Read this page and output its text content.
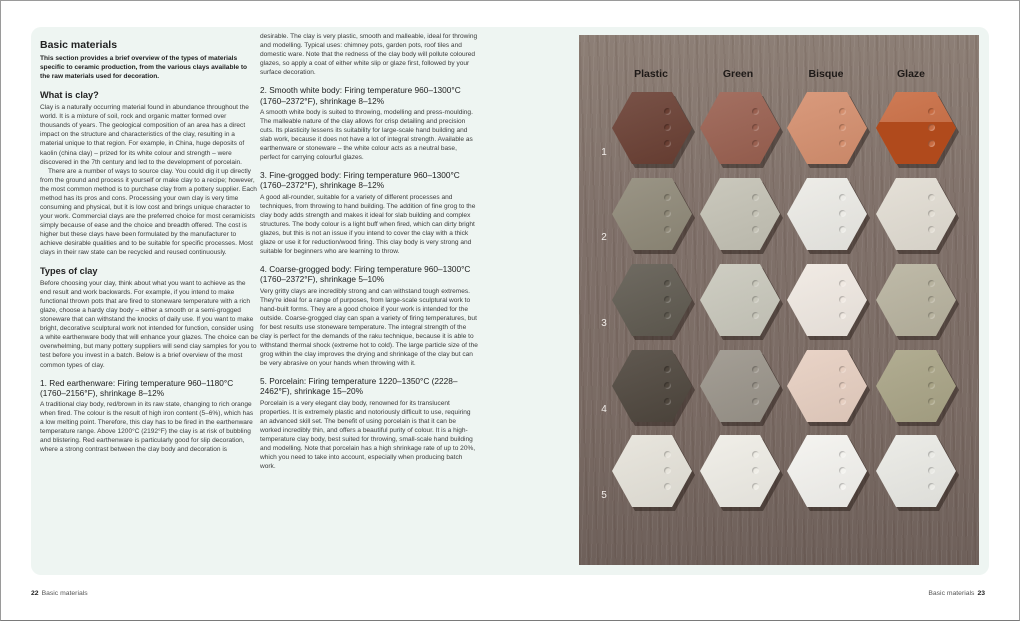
Basic materials

This section provides a brief overview of the types of materials specific to ceramic production, from the various clays available to the raw materials used for decoration.

What is clay?

Clay is a naturally occurring material found in abundance throughout the world. It is a mixture of soil, rock and organic matter formed over thousands of years. The geological composition of an area has a direct impact on the structure and characteristics of the clay, resulting in a material unique to that region. For example, in China, huge deposits of kaolin (china clay) – prized for its white colour and strength – were discovered in the 7th century and led to the development of porcelain.

There are a number of ways to source clay. You could dig it up directly from the ground and process it yourself or make clay to a recipe; however, the most common method is to purchase clay from a pottery supplier. Each method has its pros and cons. Processing your own clay is very time consuming and physical, but it is low cost and brings unique character to your work. Commercial clays are the preferred choice for most ceramicists simply because of ease and the choice and breadth offered. The cost is higher but these clays have been formulated by the manufacturer to achieve desirable qualities and to be suitable for specific processes. Most clays in their raw state can be recycled and reused continuously.

Types of clay

Before choosing your clay, think about what you want to achieve as the end result and work backwards. For example, if you intend to make functional thrown pots that are fired to stoneware temperature with a rich glaze, choose a hardy clay body – either a smooth or a semi-grogged stoneware that can withstand the knocks of daily use. If you want to make bright, decorative sculptural work not intended for function, consider using a white earthenware body that will enhance your glazes. The choice can be overwhelming, but many pottery suppliers will send clay samples for you to test before you invest in a batch. Below is a brief overview of the most common types of clay.

1. Red earthenware: Firing temperature 960–1180°C (1760–2156°F), shrinkage 8–12%

A traditional clay body, red/brown in its raw state, changing to rich orange when fired. The colour is the result of high iron content (5–6%), which has a low melting point. Therefore, this clay has to be fired in the earthenware temperature range. Above 1200°C (2192°F) the clay is at risk of bubbling and blistering. Red earthenware is particularly good for slip decoration, where a strong contrast between the clay body and decoration is

desirable. The clay is very plastic, smooth and malleable, ideal for throwing and modelling. Typical uses: chimney pots, garden pots, roof tiles and domestic ware. Note that the redness of the clay body will pollute coloured glazes, so apply a coat of either white slip or glaze first, followed by your surface decoration.

2. Smooth white body: Firing temperature 960–1300°C (1760–2372°F), shrinkage 8–12%

A smooth white body is suited to throwing, modelling and press-moulding. The malleable nature of the clay allows for crisp detailing and precision cuts. Its plasticity lessens its suitability for large-scale hand building and slab work, because it does not have a lot of integral strength. Available as earthenware or stoneware – the white colour acts as a neutral base, perfect for carrying colourful glazes.

3. Fine-grogged body: Firing temperature 960–1300°C (1760–2372°F), shrinkage 8–12%

A good all-rounder, suitable for a variety of different processes and techniques, from throwing to hand building. The addition of fine grog to the clay body adds strength and makes it ideal for slab building and complex structures. The body colour is a light buff when fired, which can dirty bright glazes, but this is not an issue if you intend to cover the clay with a thick glaze or use it for reduction/wood firing. This clay body is very strong and suitable for beginners who are learning to throw.

4. Coarse-grogged body: Firing temperature 960–1300°C (1760–2372°F), shrinkage 5–10%

Very gritty clays are incredibly strong and can withstand tough extremes. They're ideal for a range of purposes, from large-scale sculptural work to hand-built forms. They are a good choice if your work is intended for the outside. Coarse-grogged clay can span a variety of firing temperatures, but for best results use stoneware temperature. The integral strength of the clay is perfect for the demands of the raku technique, because it is able to withstand thermal shock (extreme hot to cold). The large particle size of the grog within the clay improves the drying and shrinkage of the clay but can be very abrasive on your hands when throwing with it.

5. Porcelain: Firing temperature 1220–1350°C (2228–2462°F), shrinkage 15–20%

Porcelain is a very elegant clay body, renowned for its translucent properties. It is extremely plastic and notoriously difficult to use, requiring an advanced skill set. The benefit of using porcelain is that it can be worked incredibly thin, and offers a beautiful purity of colour. It is a high-temperature clay body, best suited for throwing, small-scale hand building and modelling. Note that porcelain has a high shrinkage rate of up to 20%, which you need to take into account, especially when producing batch work.

Plastic	Green	Bisque	Glaze
1
2
3
4
5
22 Basic materials	Basic materials 23
